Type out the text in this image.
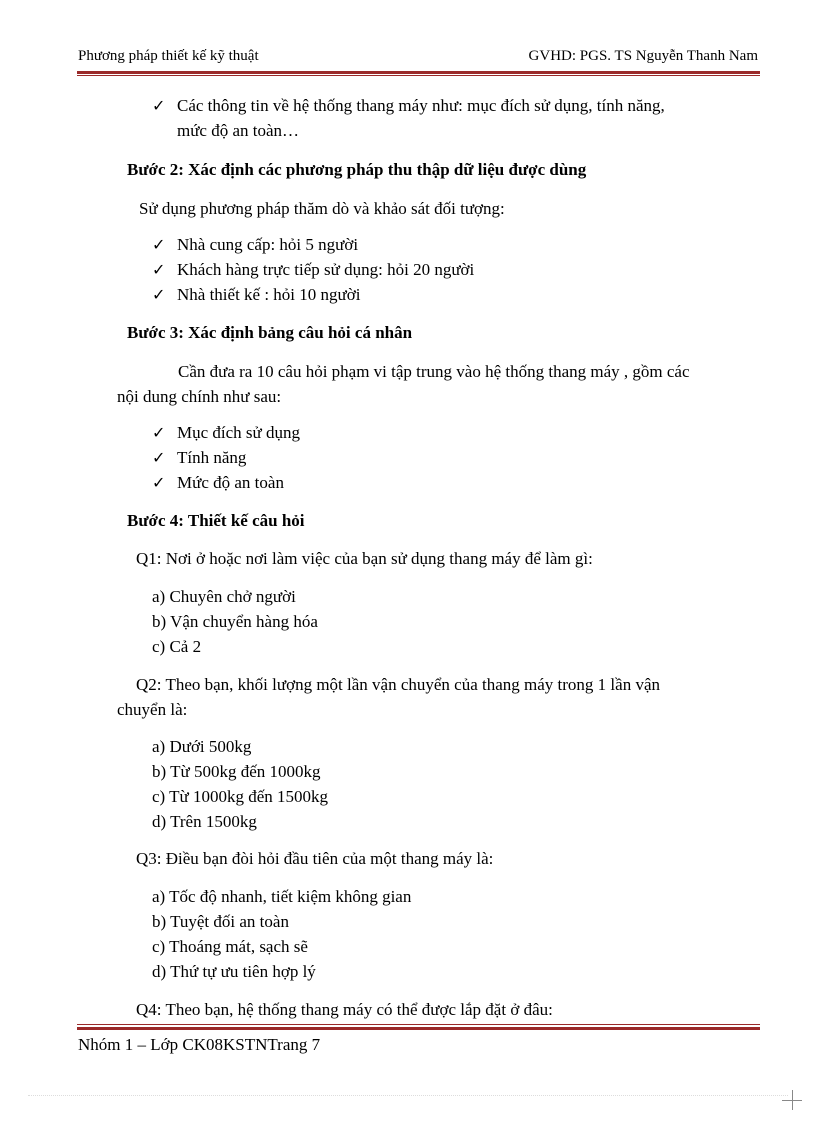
Phương pháp thiết kế kỹ thuật	GVHD: PGS. TS Nguyễn Thanh Nam
✓ Các thông tin về hệ thống thang máy như: mục đích sử dụng, tính năng,
mức độ an toàn…
Bước 2: Xác định các phương pháp thu thập dữ liệu được dùng
Sử dụng phương pháp thăm dò và khảo sát đối tượng:
✓ Nhà cung cấp: hỏi 5 người
✓ Khách hàng trực tiếp sử dụng: hỏi 20 người
✓ Nhà thiết kế : hỏi 10 người
Bước 3: Xác định bảng câu hỏi cá nhân
Cần đưa ra 10 câu hỏi phạm vi tập trung vào hệ thống thang máy , gồm các
nội dung chính như sau:
✓ Mục đích sử dụng
✓ Tính năng
✓ Mức độ an toàn
Bước 4: Thiết kế câu hỏi
Q1: Nơi ở hoặc nơi làm việc của bạn sử dụng thang máy để làm gì:
a) Chuyên chở người
b) Vận chuyển hàng hóa
c) Cả 2
Q2: Theo bạn, khối lượng một lần vận chuyển của thang máy trong 1 lần vận
chuyển là:
a) Dưới 500kg
b) Từ 500kg đến 1000kg
c) Từ 1000kg đến 1500kg
d) Trên 1500kg
Q3: Điều bạn đòi hỏi đầu tiên của một thang máy là:
a) Tốc độ nhanh, tiết kiệm không gian
b) Tuyệt đối an toàn
c) Thoáng mát, sạch sẽ
d) Thứ tự ưu tiên hợp lý
Q4: Theo bạn, hệ thống thang máy có thể được lắp đặt ở đâu:
Nhóm 1 – Lớp CK08KSTNTrang 7
